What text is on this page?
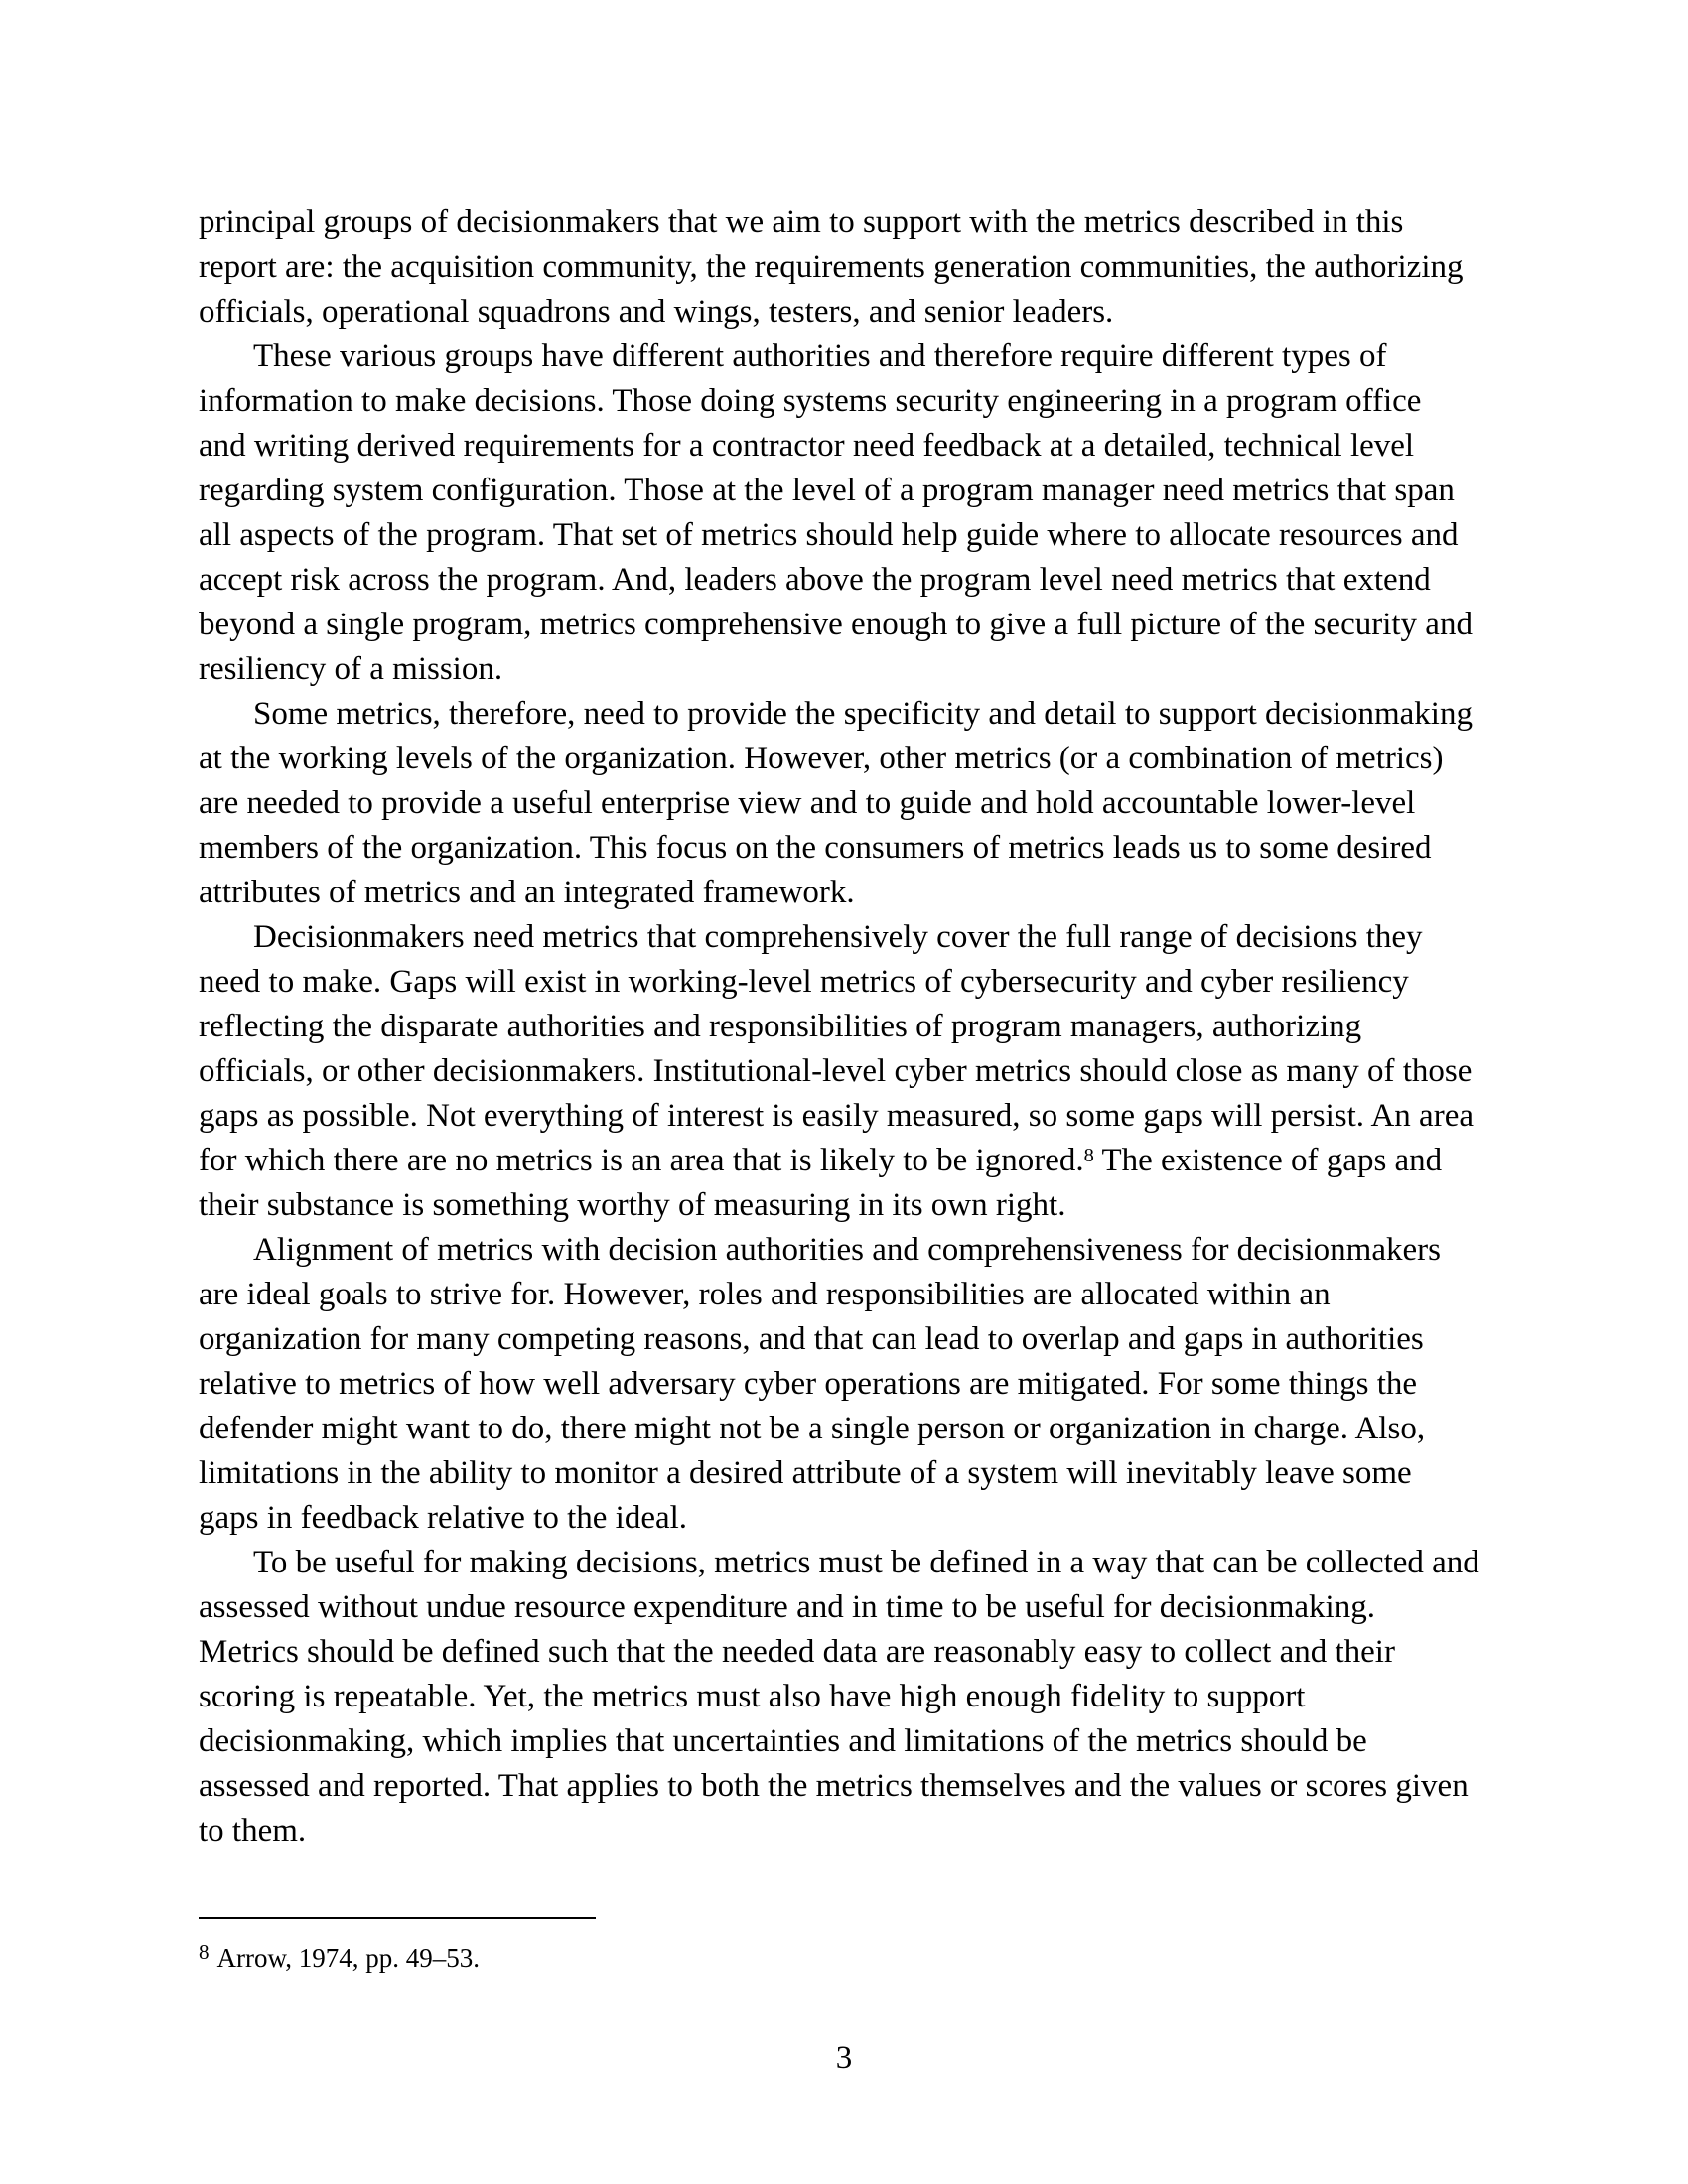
principal groups of decisionmakers that we aim to support with the metrics described in this
report are: the acquisition community, the requirements generation communities, the authorizing
officials, operational squadrons and wings, testers, and senior leaders.
These various groups have different authorities and therefore require different types of
information to make decisions. Those doing systems security engineering in a program office
and writing derived requirements for a contractor need feedback at a detailed, technical level
regarding system configuration. Those at the level of a program manager need metrics that span
all aspects of the program. That set of metrics should help guide where to allocate resources and
accept risk across the program. And, leaders above the program level need metrics that extend
beyond a single program, metrics comprehensive enough to give a full picture of the security and
resiliency of a mission.
Some metrics, therefore, need to provide the specificity and detail to support decisionmaking
at the working levels of the organization. However, other metrics (or a combination of metrics)
are needed to provide a useful enterprise view and to guide and hold accountable lower-level
members of the organization. This focus on the consumers of metrics leads us to some desired
attributes of metrics and an integrated framework.
Decisionmakers need metrics that comprehensively cover the full range of decisions they
need to make. Gaps will exist in working-level metrics of cybersecurity and cyber resiliency
reflecting the disparate authorities and responsibilities of program managers, authorizing
officials, or other decisionmakers. Institutional-level cyber metrics should close as many of those
gaps as possible. Not everything of interest is easily measured, so some gaps will persist. An area
for which there are no metrics is an area that is likely to be ignored.$^8$ The existence of gaps and
their substance is something worthy of measuring in its own right.
Alignment of metrics with decision authorities and comprehensiveness for decisionmakers
are ideal goals to strive for. However, roles and responsibilities are allocated within an
organization for many competing reasons, and that can lead to overlap and gaps in authorities
relative to metrics of how well adversary cyber operations are mitigated. For some things the
defender might want to do, there might not be a single person or organization in charge. Also,
limitations in the ability to monitor a desired attribute of a system will inevitably leave some
gaps in feedback relative to the ideal.
To be useful for making decisions, metrics must be defined in a way that can be collected and
assessed without undue resource expenditure and in time to be useful for decisionmaking.
Metrics should be defined such that the needed data are reasonably easy to collect and their
scoring is repeatable. Yet, the metrics must also have high enough fidelity to support
decisionmaking, which implies that uncertainties and limitations of the metrics should be
assessed and reported. That applies to both the metrics themselves and the values or scores given
to them.
$^8$ Arrow, 1974, pp. 49–53.
3
